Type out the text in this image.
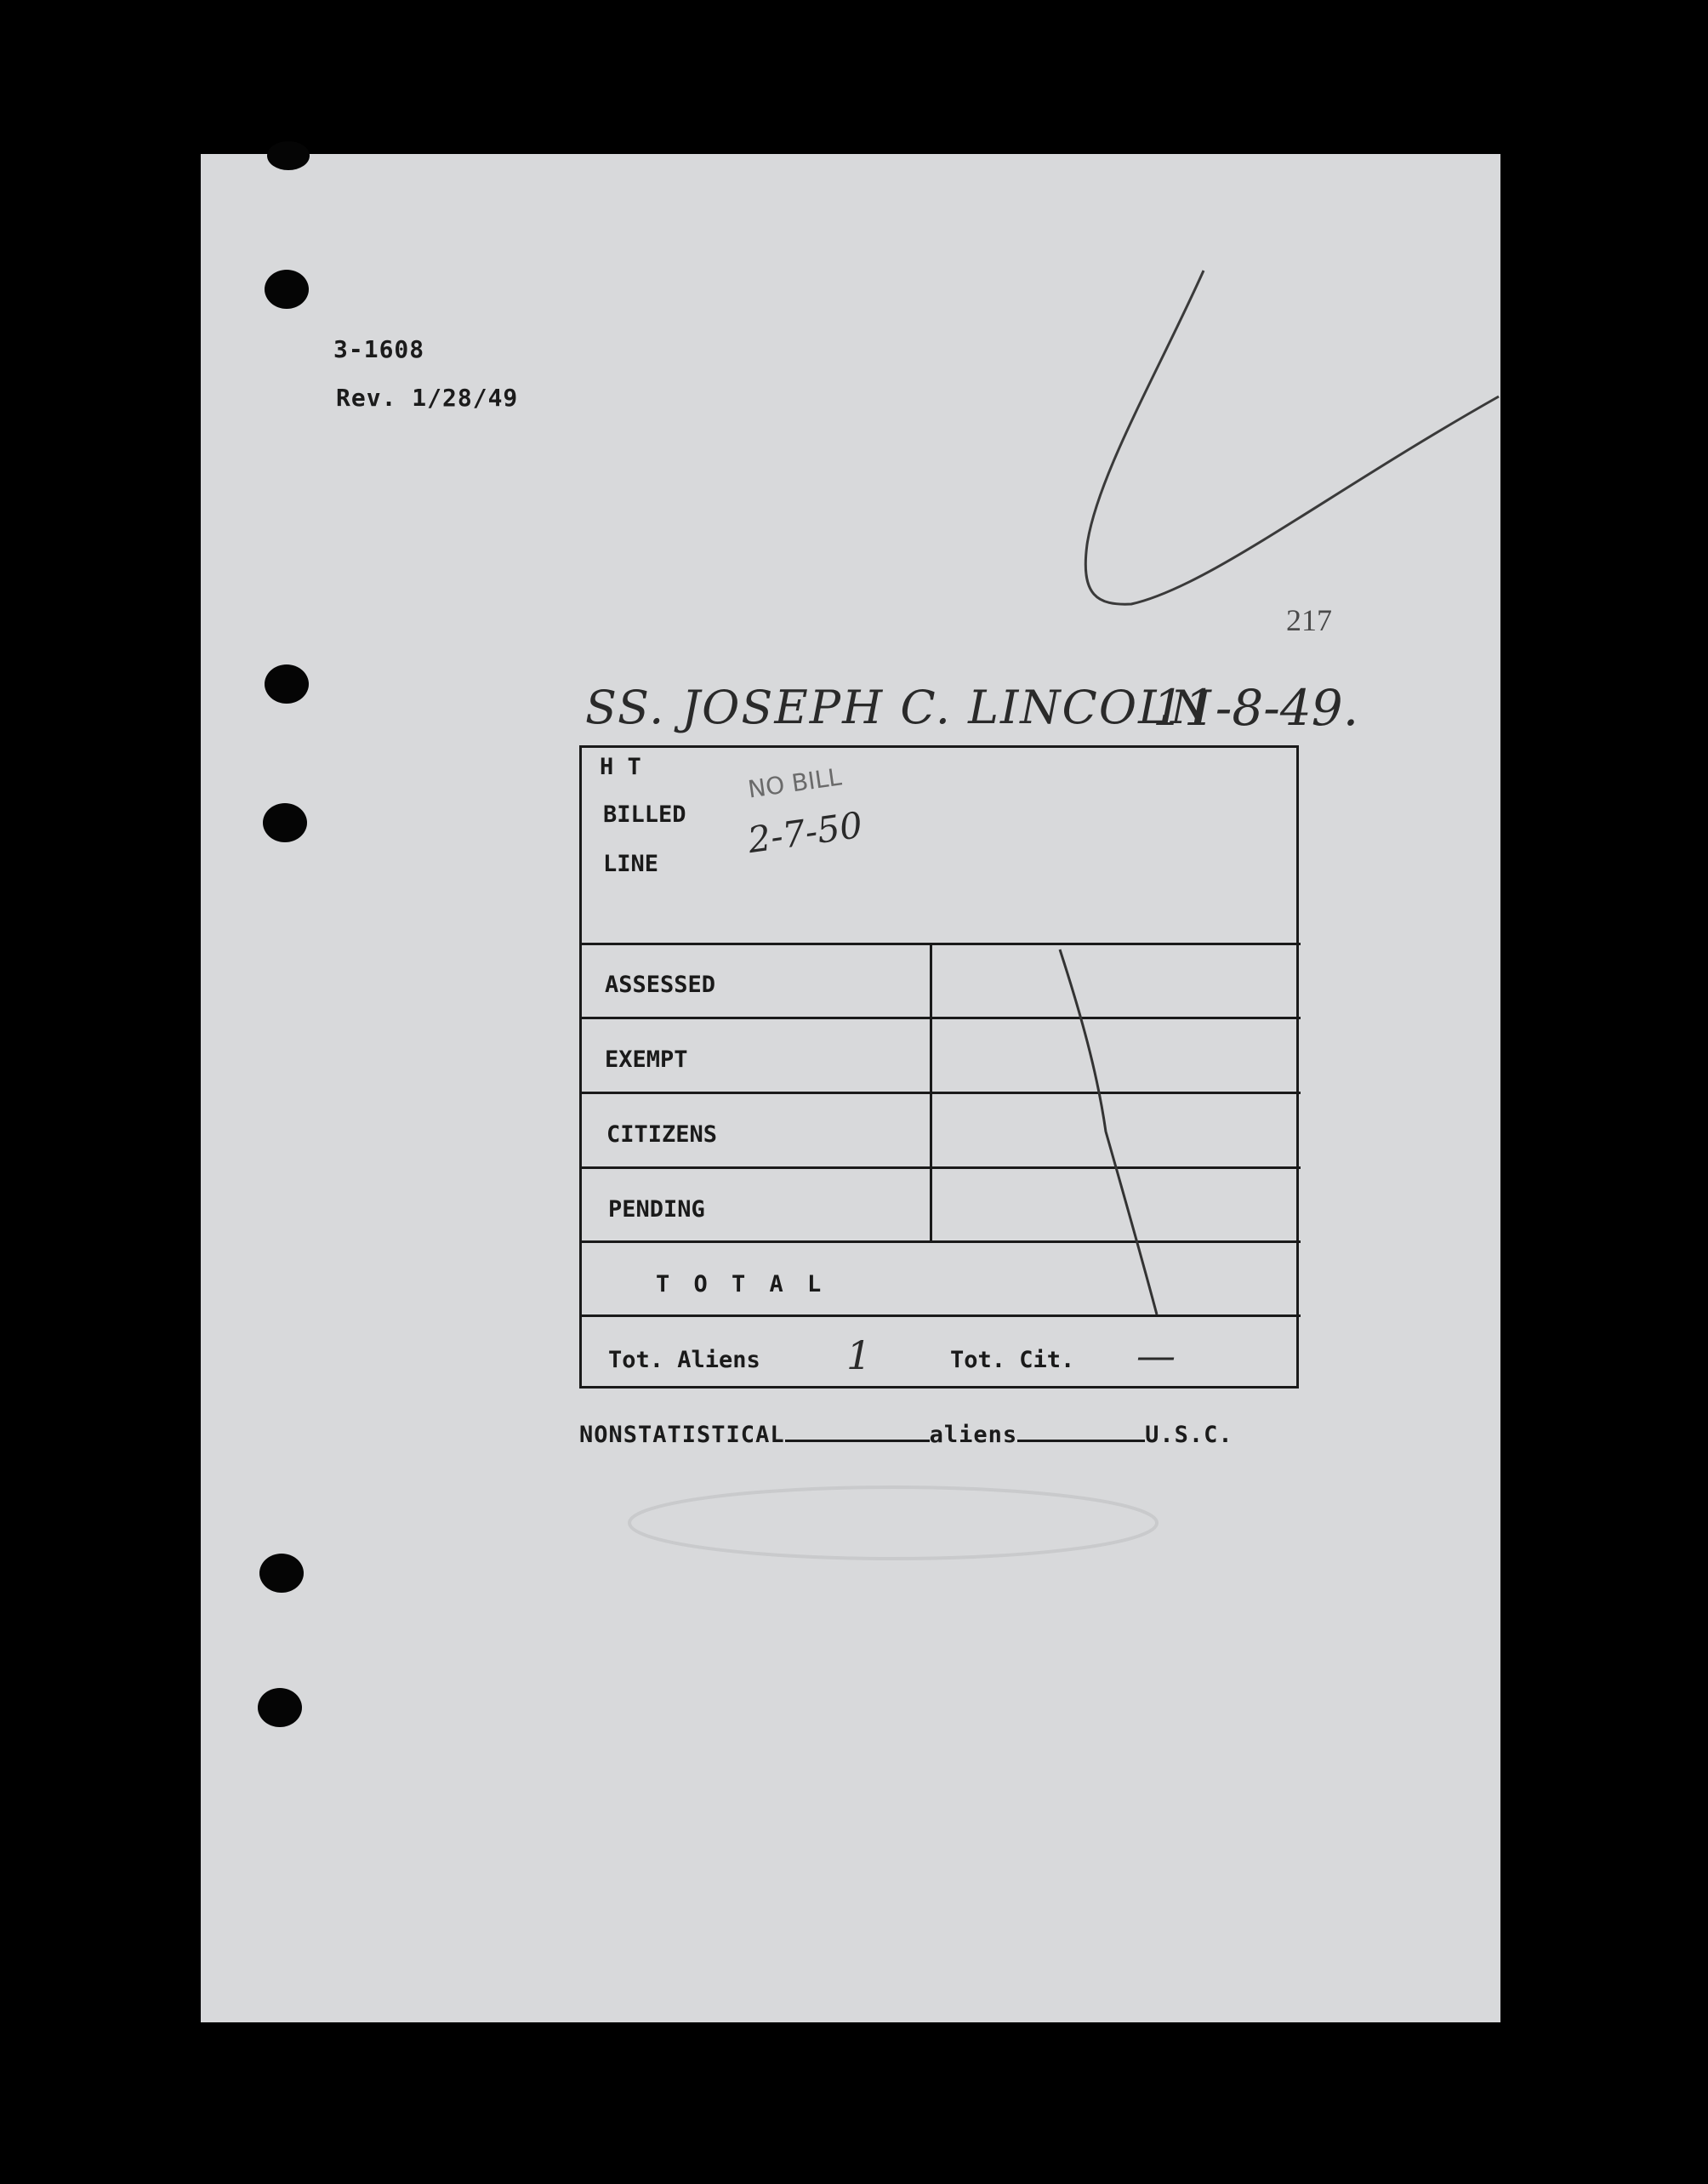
3-1608
Rev. 1/28/49
217
SS. JOSEPH C. LINCOLN
11-8-49.
H T
BILLED
LINE
NO BILL
2-7-50
ASSESSED
EXEMPT
CITIZENS
PENDING
T O T A L
Tot. Aliens 1	Tot. Cit. —
NONSTATISTICAL	aliens	U.S.C.
